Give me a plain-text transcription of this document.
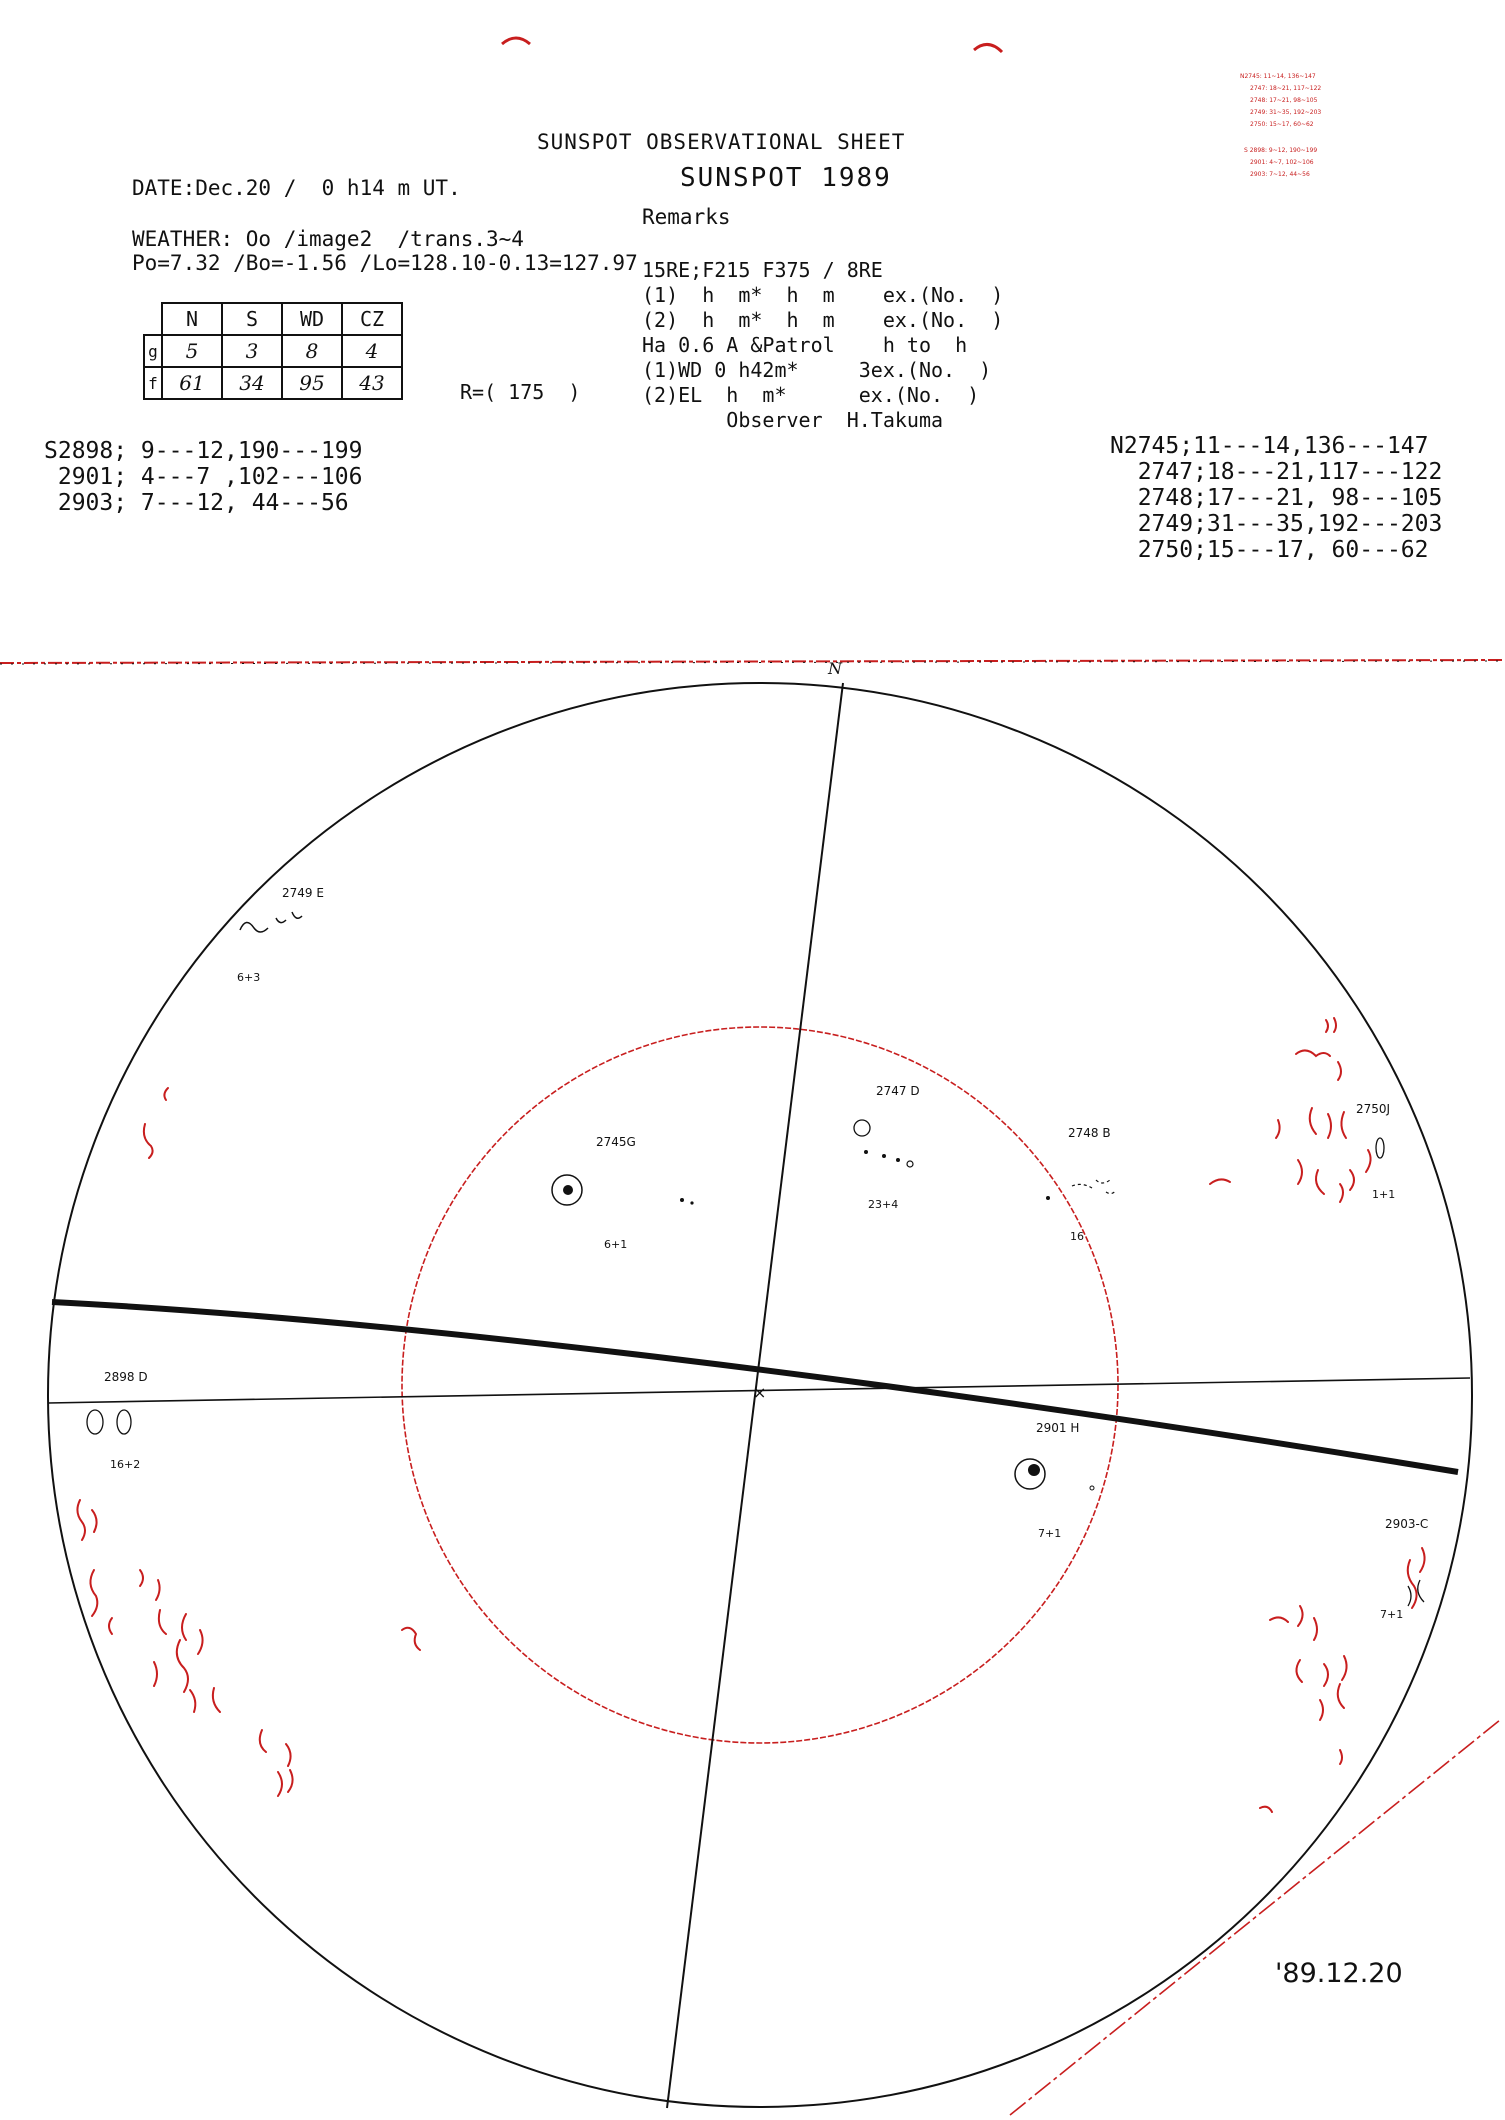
SUNSPOT OBSERVATIONAL SHEET
SUNSPOT 1989
DATE:Dec.20 /  0 h14 m UT.
WEATHER: Oo /image2  /trans.3~4
Po=7.32 /Bo=-1.56 /Lo=128.10-0.13=127.97
	N	S	WD	CZ
g	5	3	8	4
f	61	34	95	43	R=( 175  )
Remarks
15RE;F215 F375 / 8RE
(1)  h  m*  h  m    ex.(No.  )
(2)  h  m*  h  m    ex.(No.  )
Ha 0.6 A &Patrol    h to  h
(1)WD 0 h42m*     3ex.(No.  )
(2)EL  h  m*      ex.(No.  )
Observer  H.Takuma
S2898; 9---12,190---199
2901; 4---7 ,102---106
2903; 7---12, 44---56
N2745;11---14,136---147
2747;18---21,117---122
2748;17---21, 98---105
2749;31---35,192---203
2750;15---17, 60---62
N2745: 11~14, 136~147
2747: 18~21, 117~122
2748: 17~21, 98~105
2749: 31~35, 192~203
2750: 15~17, 60~62
S 2898: 9~12, 190~199
2901: 4~7, 102~106
2903: 7~12, 44~56
×
N
2749 E
6+3
2745G
6+1
2747 D
23+4
2748 B
16
2750J
1+1
2898 D
16+2
2901 H
7+1
2903-C
7+1
'89.12.20
